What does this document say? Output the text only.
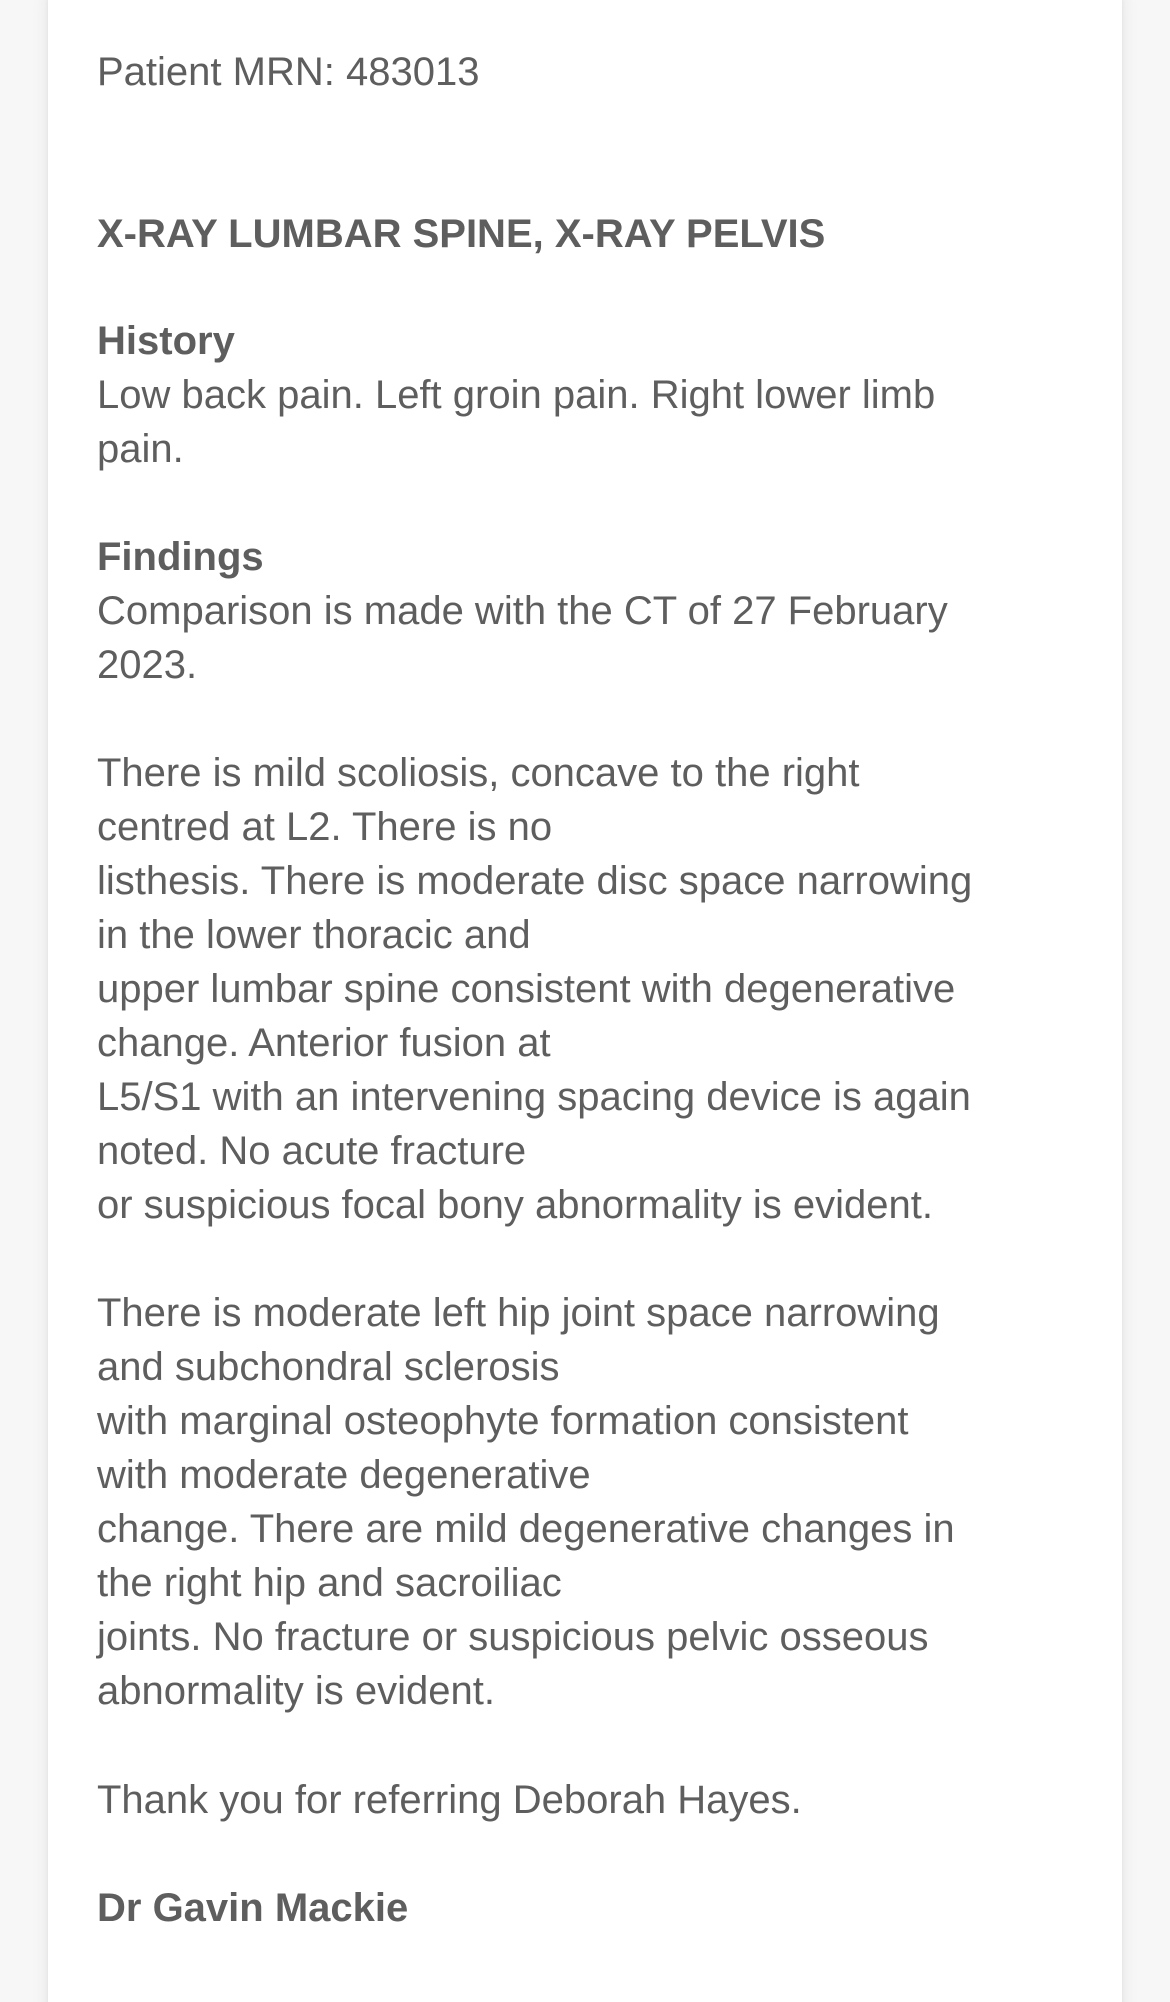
Patient MRN: 483013
X-RAY LUMBAR SPINE, X-RAY PELVIS
History
Low back pain. Left groin pain. Right lower limb
pain.
Findings
Comparison is made with the CT of 27 February
2023.
There is mild scoliosis, concave to the right
centred at L2. There is no
listhesis. There is moderate disc space narrowing
in the lower thoracic and
upper lumbar spine consistent with degenerative
change. Anterior fusion at
L5/S1 with an intervening spacing device is again
noted. No acute fracture
or suspicious focal bony abnormality is evident.
There is moderate left hip joint space narrowing
and subchondral sclerosis
with marginal osteophyte formation consistent
with moderate degenerative
change. There are mild degenerative changes in
the right hip and sacroiliac
joints. No fracture or suspicious pelvic osseous
abnormality is evident.
Thank you for referring Deborah Hayes.
Dr Gavin Mackie
